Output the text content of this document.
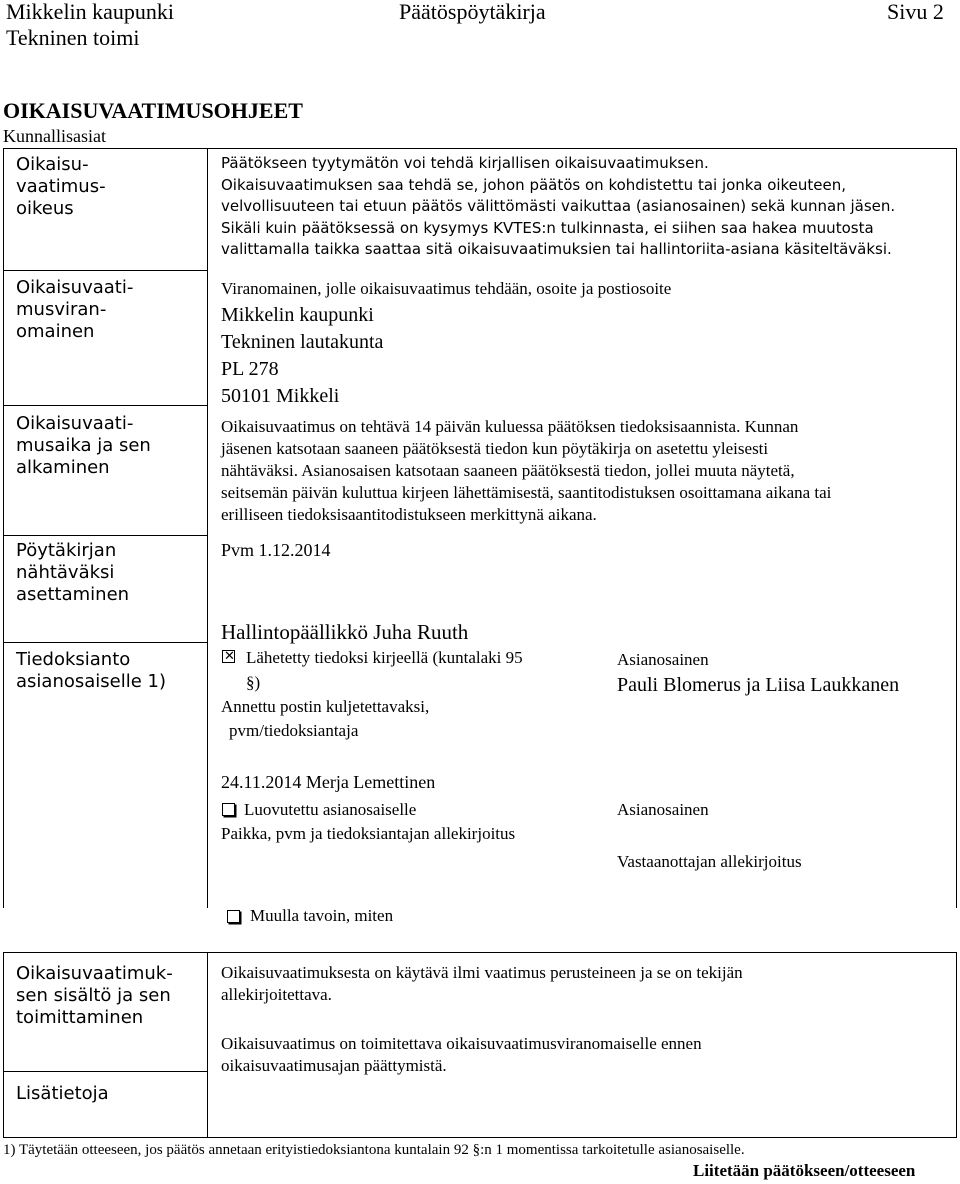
Mikkelin kaupunki	Päätöspöytäkirja	Sivu 2
Tekninen toimi
OIKAISUVAATIMUSOHJEET
Kunnallisasiat
Oikaisu-
vaatimus-
oikeus
Oikaisuvaati-
musviran-
omainen
Oikaisuvaati-
musaika ja sen
alkaminen
Pöytäkirjan
nähtäväksi
asettaminen
Tiedoksianto
asianosaiselle 1)
Päätökseen tyytymätön voi tehdä kirjallisen oikaisuvaatimuksen.
Oikaisuvaatimuksen saa tehdä se, johon päätös on kohdistettu tai jonka oikeuteen,
velvollisuuteen tai etuun päätös välittömästi vaikuttaa (asianosainen) sekä kunnan jäsen.
Sikäli kuin päätöksessä on kysymys KVTES:n tulkinnasta, ei siihen saa hakea muutosta
valittamalla taikka saattaa sitä oikaisuvaatimuksien tai hallintoriita-asiana käsiteltäväksi.
Viranomainen, jolle oikaisuvaatimus tehdään, osoite ja postiosoite
Mikkelin kaupunki
Tekninen lautakunta
PL 278
50101 Mikkeli
Oikaisuvaatimus on tehtävä 14 päivän kuluessa päätöksen tiedoksisaannista. Kunnan
jäsenen katsotaan saaneen päätöksestä tiedon kun pöytäkirja on asetettu yleisesti
nähtäväksi. Asianosaisen katsotaan saaneen päätöksestä tiedon, jollei muuta näytetä,
seitsemän päivän kuluttua kirjeen lähettämisestä, saantitodistuksen osoittamana aikana tai
erilliseen tiedoksisaantitodistukseen merkittynä aikana.
Pvm 1.12.2014
Hallintopäällikkö Juha Ruuth
✕ Lähetetty tiedoksi kirjeellä (kuntalaki 95
§)
Annettu postin kuljetettavaksi,
pvm/tiedoksiantaja
Asianosainen
Pauli Blomerus ja Liisa Laukkanen
24.11.2014 Merja Lemettinen
Luovutettu asianosaiselle
Paikka, pvm ja tiedoksiantajan allekirjoitus
Asianosainen
Vastaanottajan allekirjoitus
Muulla tavoin, miten
Oikaisuvaatimuk-
sen sisältö ja sen
toimittaminen
Lisätietoja
Oikaisuvaatimuksesta on käytävä ilmi vaatimus perusteineen ja se on tekijän
allekirjoitettava.
Oikaisuvaatimus on toimitettava oikaisuvaatimusviranomaiselle ennen
oikaisuvaatimusajan päättymistä.
1) Täytetään otteeseen, jos päätös annetaan erityistiedoksiantona kuntalain 92 §:n 1 momentissa tarkoitetulle asianosaiselle.
Liitetään päätökseen/otteeseen
